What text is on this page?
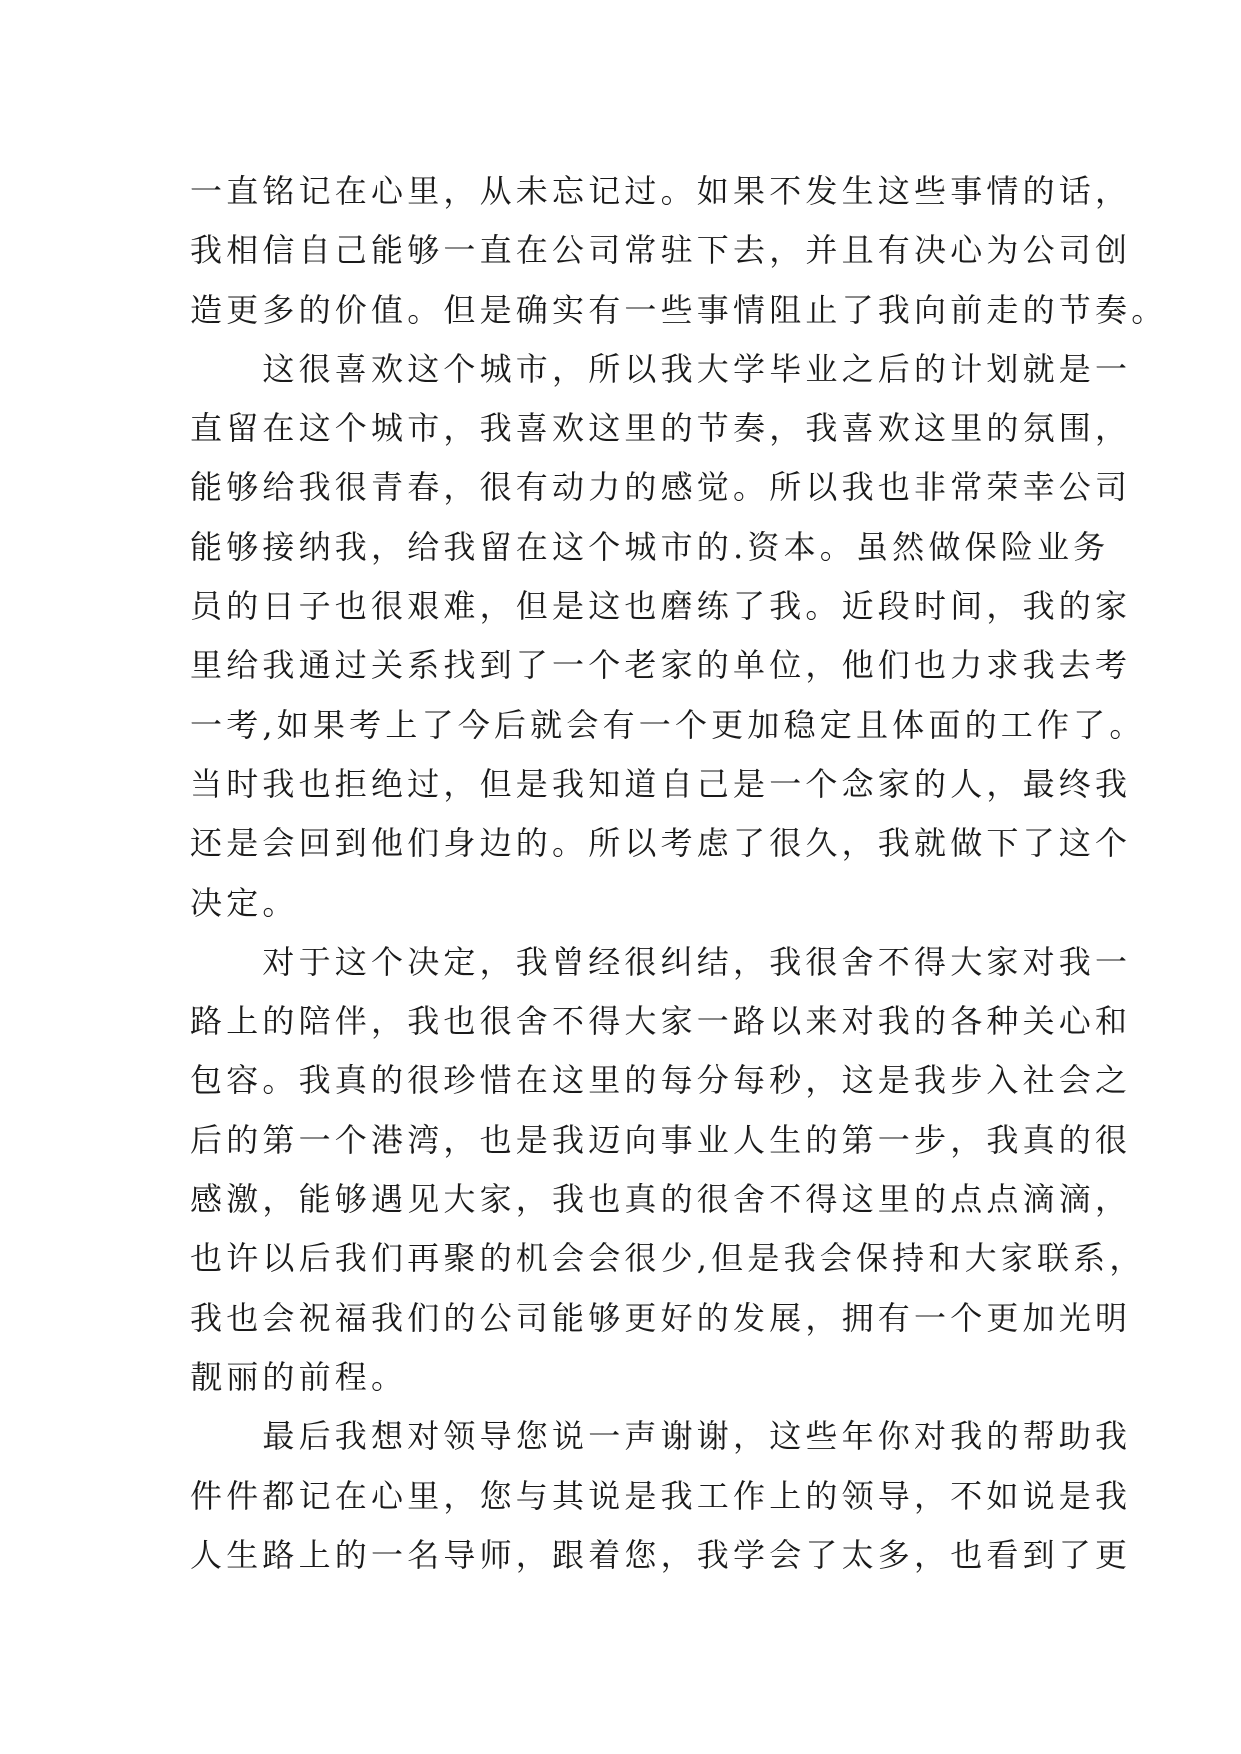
一直铭记在心里，从未忘记过。如果不发生这些事情的话，
我相信自己能够一直在公司常驻下去，并且有决心为公司创
造更多的价值。但是确实有一些事情阻止了我向前走的节奏。
　　这很喜欢这个城市，所以我大学毕业之后的计划就是一
直留在这个城市，我喜欢这里的节奏，我喜欢这里的氛围，
能够给我很青春，很有动力的感觉。所以我也非常荣幸公司
能够接纳我，给我留在这个城市的.资本。虽然做保险业务
员的日子也很艰难，但是这也磨练了我。近段时间，我的家
里给我通过关系找到了一个老家的单位，他们也力求我去考
一考,如果考上了今后就会有一个更加稳定且体面的工作了。
当时我也拒绝过，但是我知道自己是一个念家的人，最终我
还是会回到他们身边的。所以考虑了很久，我就做下了这个
决定。
　　对于这个决定，我曾经很纠结，我很舍不得大家对我一
路上的陪伴，我也很舍不得大家一路以来对我的各种关心和
包容。我真的很珍惜在这里的每分每秒，这是我步入社会之
后的第一个港湾，也是我迈向事业人生的第一步，我真的很
感激，能够遇见大家，我也真的很舍不得这里的点点滴滴，
也许以后我们再聚的机会会很少,但是我会保持和大家联系，
我也会祝福我们的公司能够更好的发展，拥有一个更加光明
靓丽的前程。
　　最后我想对领导您说一声谢谢，这些年你对我的帮助我
件件都记在心里，您与其说是我工作上的领导，不如说是我
人生路上的一名导师，跟着您，我学会了太多，也看到了更
